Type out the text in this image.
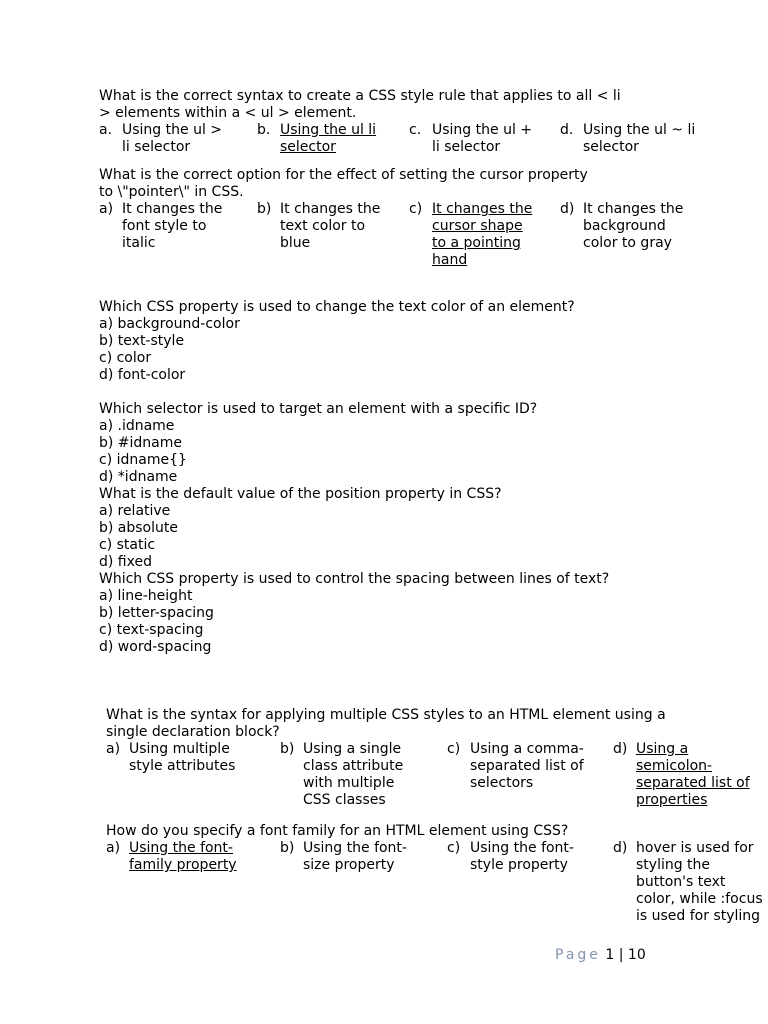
What is the correct syntax to create a CSS style rule that applies to all < li
> elements within a < ul > element.
a. Using the ul >
li selector
b. Using the ul li
selector
c. Using the ul +
li selector
d. Using the ul ~ li
selector
What is the correct option for the effect of setting the cursor property
to \"pointer\" in CSS.
a) It changes the
font style to
italic
b) It changes the
text color to
blue
c) It changes the
cursor shape
to a pointing
hand
d) It changes the
background
color to gray
Which CSS property is used to change the text color of an element?
a) background-color
b) text-style
c) color
d) font-color
Which selector is used to target an element with a specific ID?
a) .idname
b) #idname
c) idname{}
d) *idname
What is the default value of the position property in CSS?
a) relative
b) absolute
c) static
d) fixed
Which CSS property is used to control the spacing between lines of text?
a) line-height
b) letter-spacing
c) text-spacing
d) word-spacing
What is the syntax for applying multiple CSS styles to an HTML element using a
single declaration block?
a) Using multiple
style attributes
b) Using a single
class attribute
with multiple
CSS classes
c) Using a comma-
separated list of
selectors
d) Using a
semicolon-
separated list of
properties
How do you specify a font family for an HTML element using CSS?
a) Using the font-
family property
b) Using the font-
size property
c) Using the font-
style property
d) hover is used for
styling the
button's text
color, while :focus
is used for styling
Page 1 | 10
